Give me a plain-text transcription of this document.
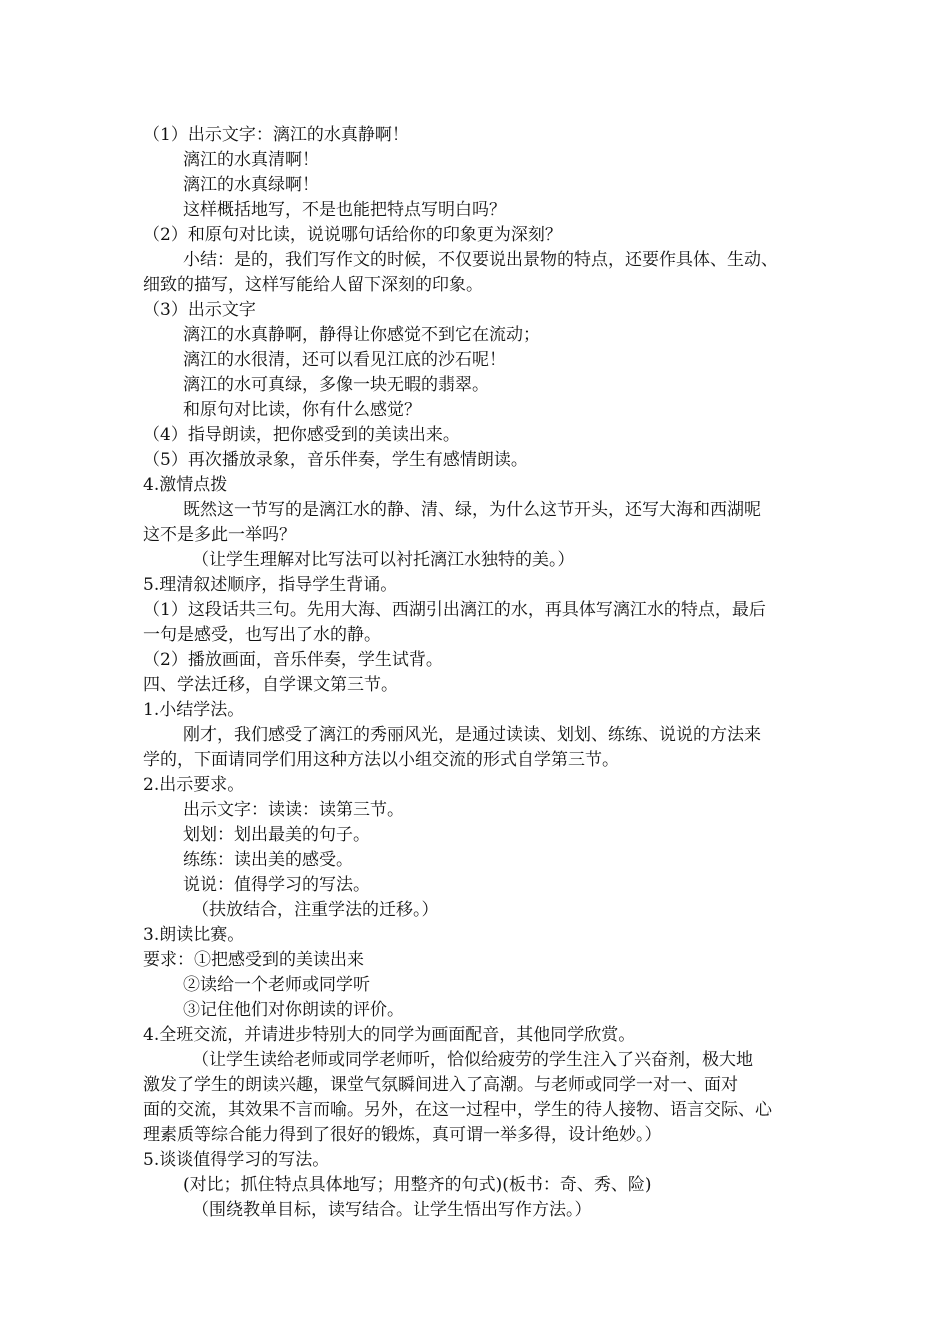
（1）出示文字：漓江的水真静啊！
漓江的水真清啊！
漓江的水真绿啊！
这样概括地写，不是也能把特点写明白吗？
（2）和原句对比读，说说哪句话给你的印象更为深刻？
小结：是的，我们写作文的时候，不仅要说出景物的特点，还要作具体、生动、
细致的描写，这样写能给人留下深刻的印象。
（3）出示文字
漓江的水真静啊，静得让你感觉不到它在流动；
漓江的水很清，还可以看见江底的沙石呢！
漓江的水可真绿，多像一块无暇的翡翠。
和原句对比读，你有什么感觉？
（4）指导朗读，把你感受到的美读出来。
（5）再次播放录象，音乐伴奏，学生有感情朗读。
4.激情点拨
既然这一节写的是漓江水的静、清、绿，为什么这节开头，还写大海和西湖呢
这不是多此一举吗？
（让学生理解对比写法可以衬托漓江水独特的美。）
5.理清叙述顺序，指导学生背诵。
（1）这段话共三句。先用大海、西湖引出漓江的水，再具体写漓江水的特点，最后
一句是感受，也写出了水的静。
（2）播放画面，音乐伴奏，学生试背。
四、学法迁移，自学课文第三节。
1.小结学法。
刚才，我们感受了漓江的秀丽风光，是通过读读、划划、练练、说说的方法来
学的，下面请同学们用这种方法以小组交流的形式自学第三节。
2.出示要求。
出示文字：读读：读第三节。
划划：划出最美的句子。
练练：读出美的感受。
说说：值得学习的写法。
（扶放结合，注重学法的迁移。）
3.朗读比赛。
要求：①把感受到的美读出来
②读给一个老师或同学听
③记住他们对你朗读的评价。
4.全班交流，并请进步特别大的同学为画面配音，其他同学欣赏。
（让学生读给老师或同学老师听，恰似给疲劳的学生注入了兴奋剂，极大地
激发了学生的朗读兴趣，课堂气氛瞬间进入了高潮。与老师或同学一对一、面对
面的交流，其效果不言而喻。另外，在这一过程中，学生的待人接物、语言交际、心
理素质等综合能力得到了很好的锻炼，真可谓一举多得，设计绝妙。）
5.谈谈值得学习的写法。
(对比；抓住特点具体地写；用整齐的句式)(板书：奇、秀、险)
（围绕教单目标，读写结合。让学生悟出写作方法。）
